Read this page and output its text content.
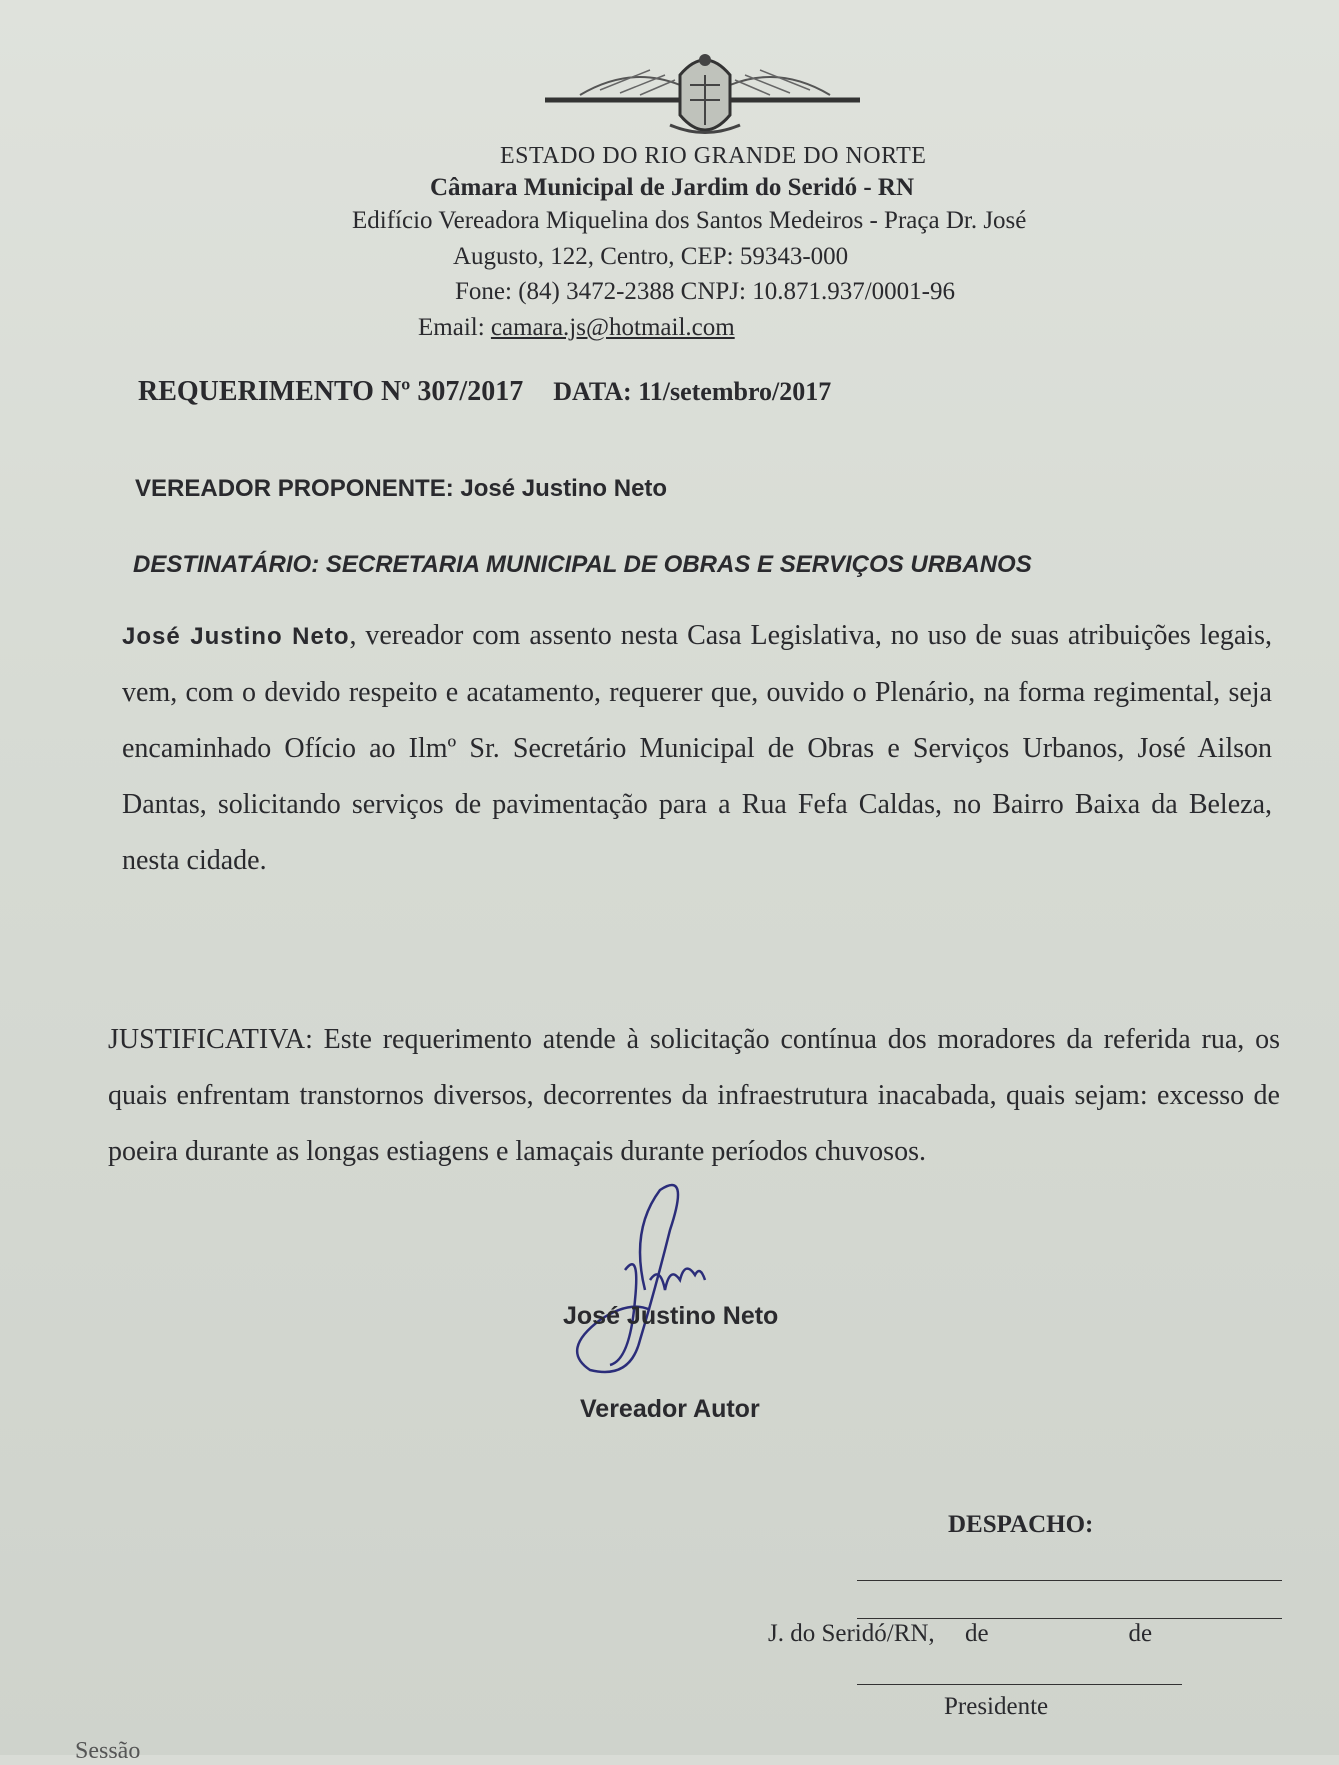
ESTADO DO RIO GRANDE DO NORTE
Câmara Municipal de Jardim do Seridó - RN
Edifício Vereadora Miquelina dos Santos Medeiros - Praça Dr. José
Augusto, 122, Centro, CEP: 59343-000
Fone: (84) 3472-2388 CNPJ: 10.871.937/0001-96
Email: camara.js@hotmail.com
REQUERIMENTO Nº 307/2017 DATA: 11/setembro/2017
VEREADOR PROPONENTE: José Justino Neto
DESTINATÁRIO: SECRETARIA MUNICIPAL DE OBRAS E SERVIÇOS URBANOS
José Justino Neto, vereador com assento nesta Casa Legislativa, no uso de suas atribuições legais, vem, com o devido respeito e acatamento, requerer que, ouvido o Plenário, na forma regimental, seja encaminhado Ofício ao Ilmº Sr. Secretário Municipal de Obras e Serviços Urbanos, José Ailson Dantas, solicitando serviços de pavimentação para a Rua Fefa Caldas, no Bairro Baixa da Beleza, nesta cidade.
JUSTIFICATIVA: Este requerimento atende à solicitação contínua dos moradores da referida rua, os quais enfrentam transtornos diversos, decorrentes da infraestrutura inacabada, quais sejam: excesso de poeira durante as longas estiagens e lamaçais durante períodos chuvosos.
José Justino Neto
Vereador Autor
DESPACHO:
J. do Seridó/RN, de	de
Presidente
Sessão
